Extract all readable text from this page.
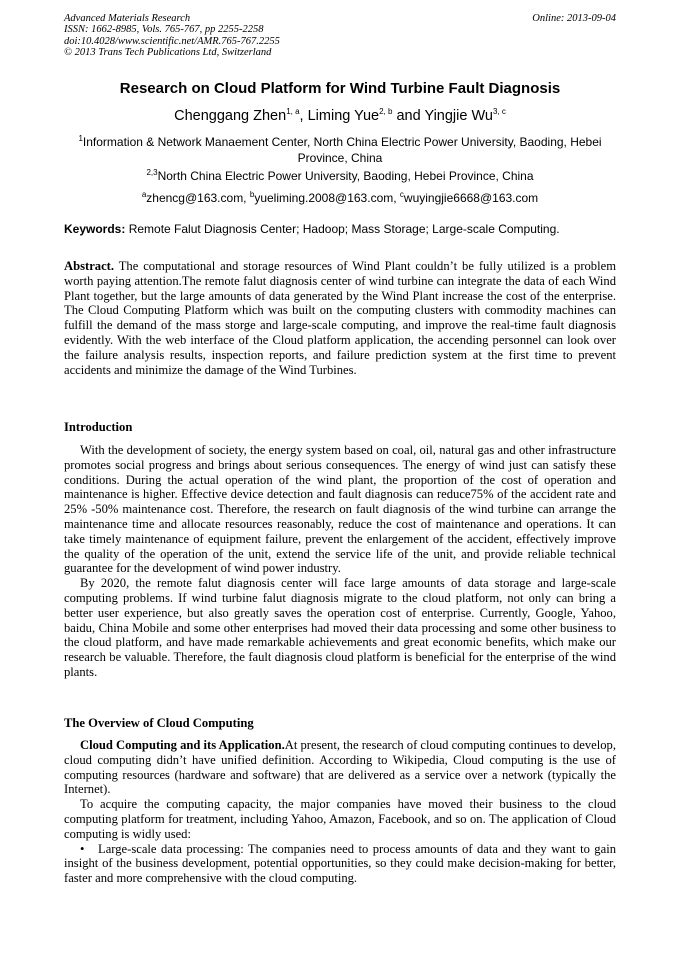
Advanced Materials Research
ISSN: 1662-8985, Vols. 765-767, pp 2255-2258
doi:10.4028/www.scientific.net/AMR.765-767.2255
© 2013 Trans Tech Publications Ltd, Switzerland
Online: 2013-09-04
Research on Cloud Platform for Wind Turbine Fault Diagnosis
Chenggang Zhen$^{1, a}$, Liming Yue$^{2, b}$ and Yingjie Wu$^{3, c}$
$^1$Information & Network Manaement Center, North China Electric Power University, Baoding, Hebei Province, China
$^{2,3}$North China Electric Power University, Baoding, Hebei Province, China
$^a$zhencg@163.com, $^b$yueliming.2008@163.com, $^c$wuyingjie6668@163.com
Keywords: Remote Falut Diagnosis Center; Hadoop; Mass Storage; Large-scale Computing.

Abstract. The computational and storage resources of Wind Plant couldn’t be fully utilized is a problem worth paying attention.The remote falut diagnosis center of wind turbine can integrate the data of each Wind Plant together, but the large amounts of data generated by the Wind Plant increase the cost of the enterprise. The Cloud Computing Platform which was built on the computing clusters with commodity machines can fulfill the demand of the mass storge and large-scale computing, and improve the real-time fault diagnosis evidently. With the web interface of the Cloud platform application, the accending personnel can look over the failure analysis results, inspection reports, and failure prediction system at the first time to prevent accidents and minimize the damage of the Wind Turbines.

Introduction

With the development of society, the energy system based on coal, oil, natural gas and other infrastructure promotes social progress and brings about serious consequences. The energy of wind just can satisfy these conditions. During the actual operation of the wind plant, the proportion of the cost of operation and maintenance is higher. Effective device detection and fault diagnosis can reduce75% of the accident rate and 25% -50% maintenance cost. Therefore, the research on fault diagnosis of the wind turbine can arrange the maintenance time and allocate resources reasonably, reduce the cost of maintenance and operations. It can take timely maintenance of equipment failure, prevent the enlargement of the accident, effectively improve the quality of the operation of the unit, extend the service life of the unit, and provide reliable technical guarantee for the development of wind power industry.

By 2020, the remote falut diagnosis center will face large amounts of data storage and large-scale computing problems. If wind turbine falut diagnosis migrate to the cloud platform, not only can bring a better user experience, but also greatly saves the operation cost of enterprise. Currently, Google, Yahoo, baidu, China Mobile and some other enterprises had moved their data processing and some other business to the cloud platform, and have made remarkable achievements and great economic benefits, which make our research be valuable. Therefore, the fault diagnosis cloud platform is beneficial for the enterprise of the wind plants.

The Overview of Cloud Computing

Cloud Computing and its Application.At present, the research of cloud computing continues to develop, cloud computing didn’t have unified definition. According to Wikipedia, Cloud computing is the use of computing resources (hardware and software) that are delivered as a service over a network (typically the Internet).

To acquire the computing capacity, the major companies have moved their business to the cloud computing platform for treatment, including Yahoo, Amazon, Facebook, and so on. The application of Cloud computing is widly used:

• Large-scale data processing: The companies need to process amounts of data and they want to gain insight of the business development, potential opportunities, so they could make decision-making for better, faster and more comprehensive with the cloud computing.
